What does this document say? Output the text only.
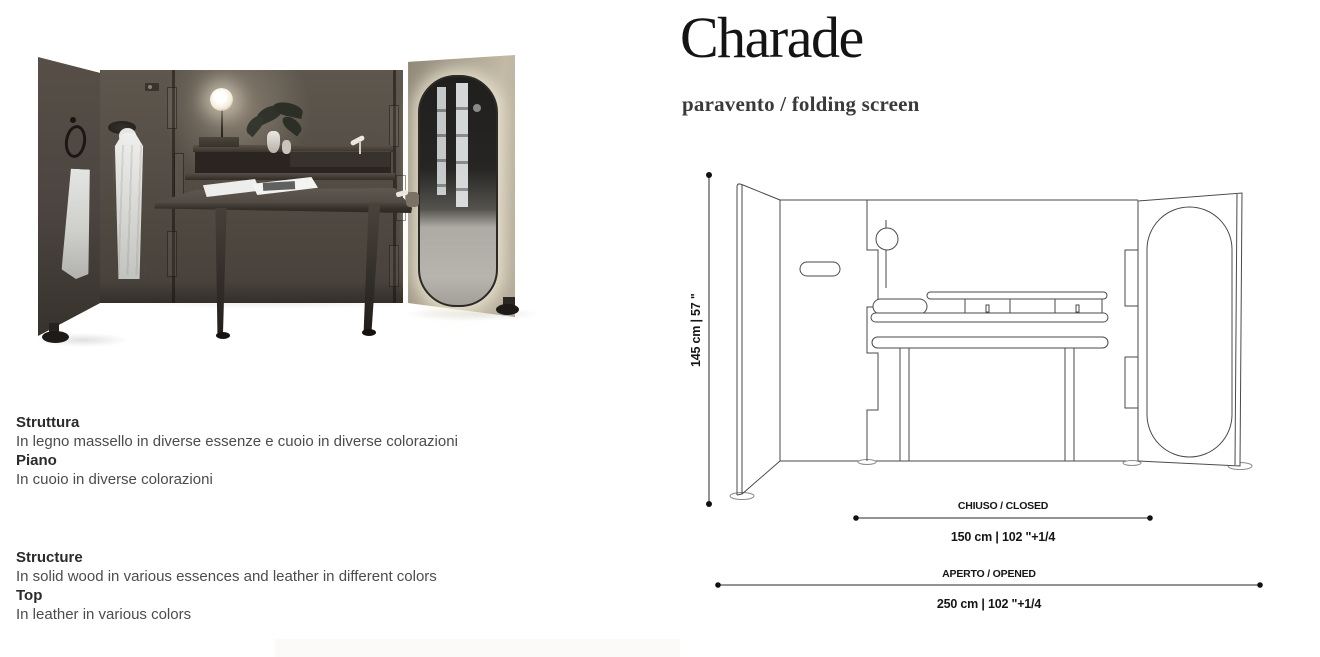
Struttura
In legno massello in diverse essenze e cuoio in diverse colorazioni
Piano
In cuoio in diverse colorazioni
Structure
In solid wood in various essences and leather in different colors
Top
In leather in various colors
Charade
paravento / folding screen
145 cm | 57 "
CHIUSO / CLOSED
150 cm | 102 "+1/4
APERTO / OPENED
250 cm | 102 "+1/4
